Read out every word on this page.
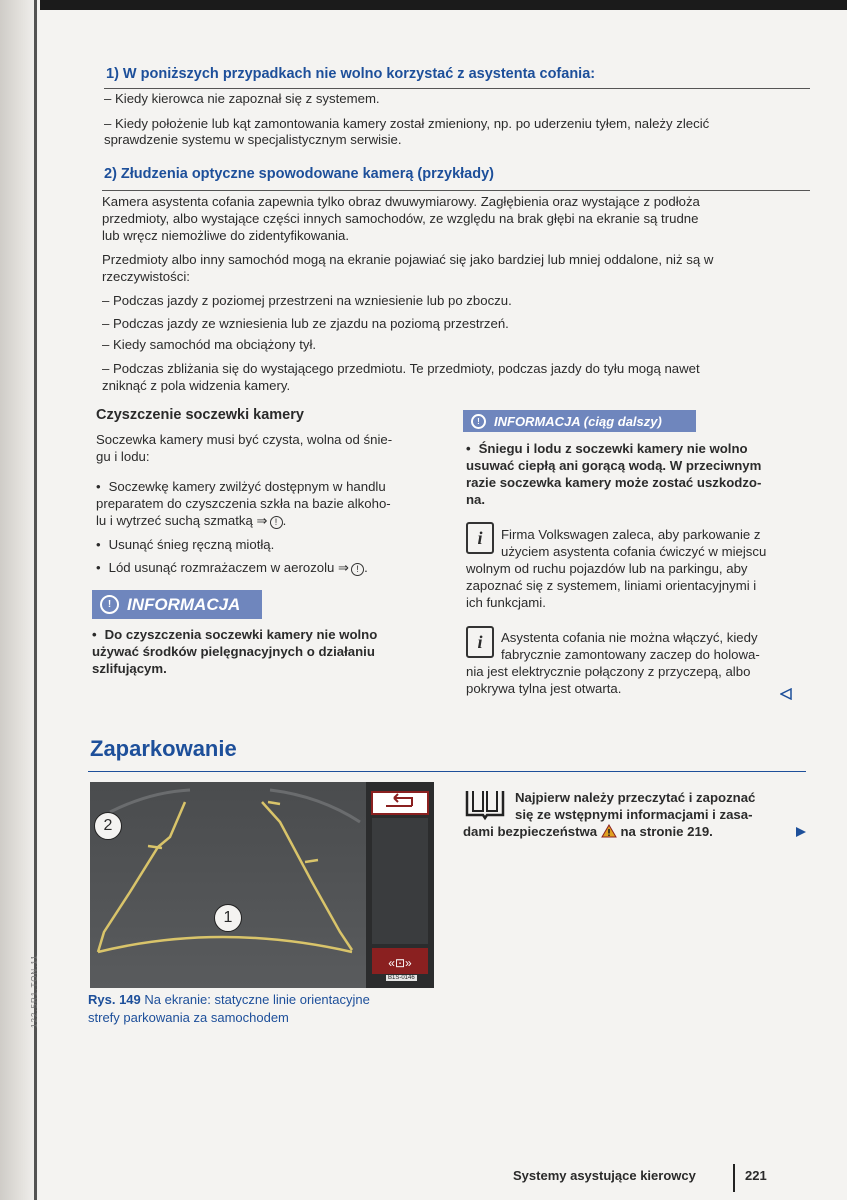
122.5R1.TON.11
1) W poniższych przypadkach nie wolno korzystać z asystenta cofania:
– Kiedy kierowca nie zapoznał się z systemem.
– Kiedy położenie lub kąt zamontowania kamery został zmieniony, np. po uderzeniu tyłem, należy zlecić
sprawdzenie systemu w specjalistycznym serwisie.
2) Złudzenia optyczne spowodowane kamerą (przykłady)
Kamera asystenta cofania zapewnia tylko obraz dwuwymiarowy. Zagłębienia oraz wystające z podłoża
przedmioty, albo wystające części innych samochodów, ze względu na brak głębi na ekranie są trudne
lub wręcz niemożliwe do zidentyfikowania.
Przedmioty albo inny samochód mogą na ekranie pojawiać się jako bardziej lub mniej oddalone, niż są w
rzeczywistości:
– Podczas jazdy z poziomej przestrzeni na wzniesienie lub po zboczu.
– Podczas jazdy ze wzniesienia lub ze zjazdu na poziomą przestrzeń.
– Kiedy samochód ma obciążony tył.
– Podczas zbliżania się do wystającego przedmiotu. Te przedmioty, podczas jazdy do tyłu mogą nawet
zniknąć z pola widzenia kamery.
Czyszczenie soczewki kamery
Soczewka kamery musi być czysta, wolna od śnie-
gu i lodu:
• Soczewkę kamery zwilżyć dostępnym w handlu
preparatem do czyszczenia szkła na bazie alkoho-
lu i wytrzeć suchą szmatką ⇒ ! .
• Usunąć śnieg ręczną miotłą.
• Lód usunąć rozmrażaczem w aerozolu ⇒ ! .
! INFORMACJA
• Do czyszczenia soczewki kamery nie wolno
używać środków pielęgnacyjnych o działaniu
szlifującym.
!	INFORMACJA (ciąg dalszy)
• Śniegu i lodu z soczewki kamery nie wolno
usuwać ciepłą ani gorącą wodą. W przeciwnym
razie soczewka kamery może zostać uszkodzo-
na.
i	Firma Volkswagen zaleca, aby parkowanie z
użyciem asystenta cofania ćwiczyć w miejscu
wolnym od ruchu pojazdów lub na parkingu, aby
zapoznać się z systemem, liniami orientacyjnymi i
ich funkcjami.
i	Asystenta cofania nie można włączyć, kiedy
fabrycznie zamontowany zaczep do holowa-
nia jest elektrycznie połączony z przyczepą, albo
pokrywa tylna jest otwarta.
Zaparkowanie
«⊡»
B1S-0146
2
1
Rys. 149 Na ekranie: statyczne linie orientacyjne
strefy parkowania za samochodem
Najpierw należy przeczytać i zapoznać
się ze wstępnymi informacjami i zasa-
dami bezpieczeństwa na stronie 219.
Systemy asystujące kierowcy	221
